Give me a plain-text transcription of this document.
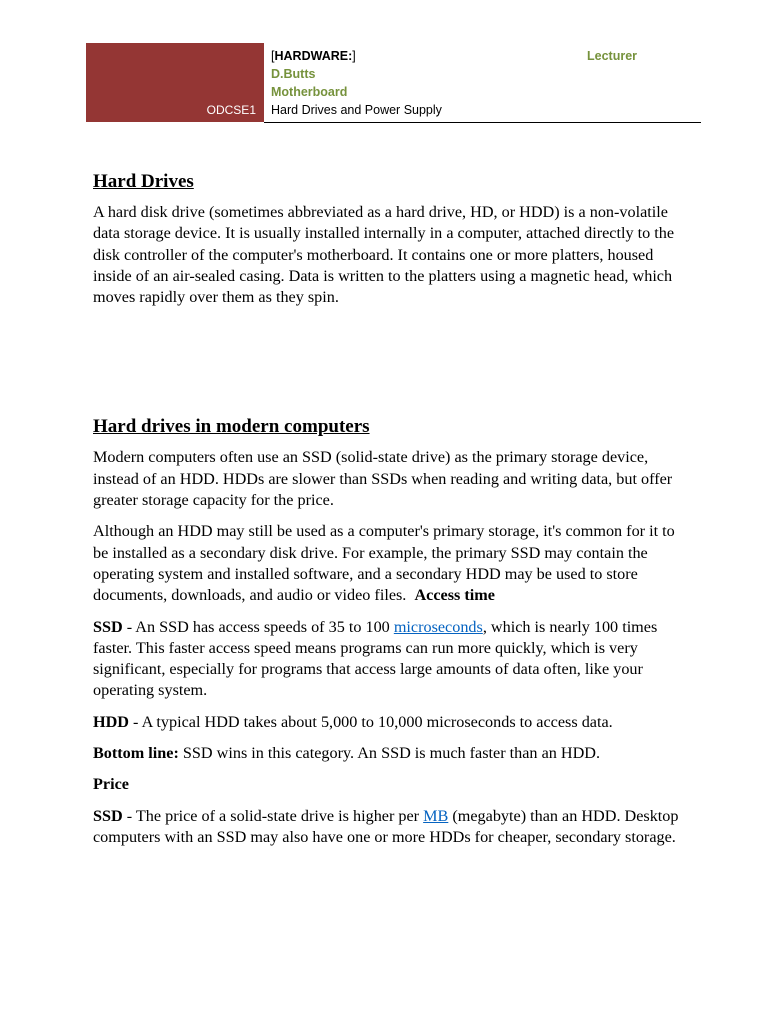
ODCSE1
[HARDWARE:]
D.Butts
Motherboard
Hard Drives and Power Supply
Lecturer
Hard Drives

A hard disk drive (sometimes abbreviated as a hard drive, HD, or HDD) is a non-volatile data storage device. It is usually installed internally in a computer, attached directly to the disk controller of the computer's motherboard. It contains one or more platters, housed inside of an air-sealed casing. Data is written to the platters using a magnetic head, which moves rapidly over them as they spin.

Hard drives in modern computers

Modern computers often use an SSD (solid-state drive) as the primary storage device, instead of an HDD. HDDs are slower than SSDs when reading and writing data, but offer greater storage capacity for the price.

Although an HDD may still be used as a computer's primary storage, it's common for it to be installed as a secondary disk drive. For example, the primary SSD may contain the operating system and installed software, and a secondary HDD may be used to store documents, downloads, and audio or video files. Access time

SSD - An SSD has access speeds of 35 to 100 microseconds, which is nearly 100 times faster. This faster access speed means programs can run more quickly, which is very significant, especially for programs that access large amounts of data often, like your operating system.

HDD - A typical HDD takes about 5,000 to 10,000 microseconds to access data.

Bottom line: SSD wins in this category. An SSD is much faster than an HDD.

Price

SSD - The price of a solid-state drive is higher per MB (megabyte) than an HDD. Desktop computers with an SSD may also have one or more HDDs for cheaper, secondary storage.
